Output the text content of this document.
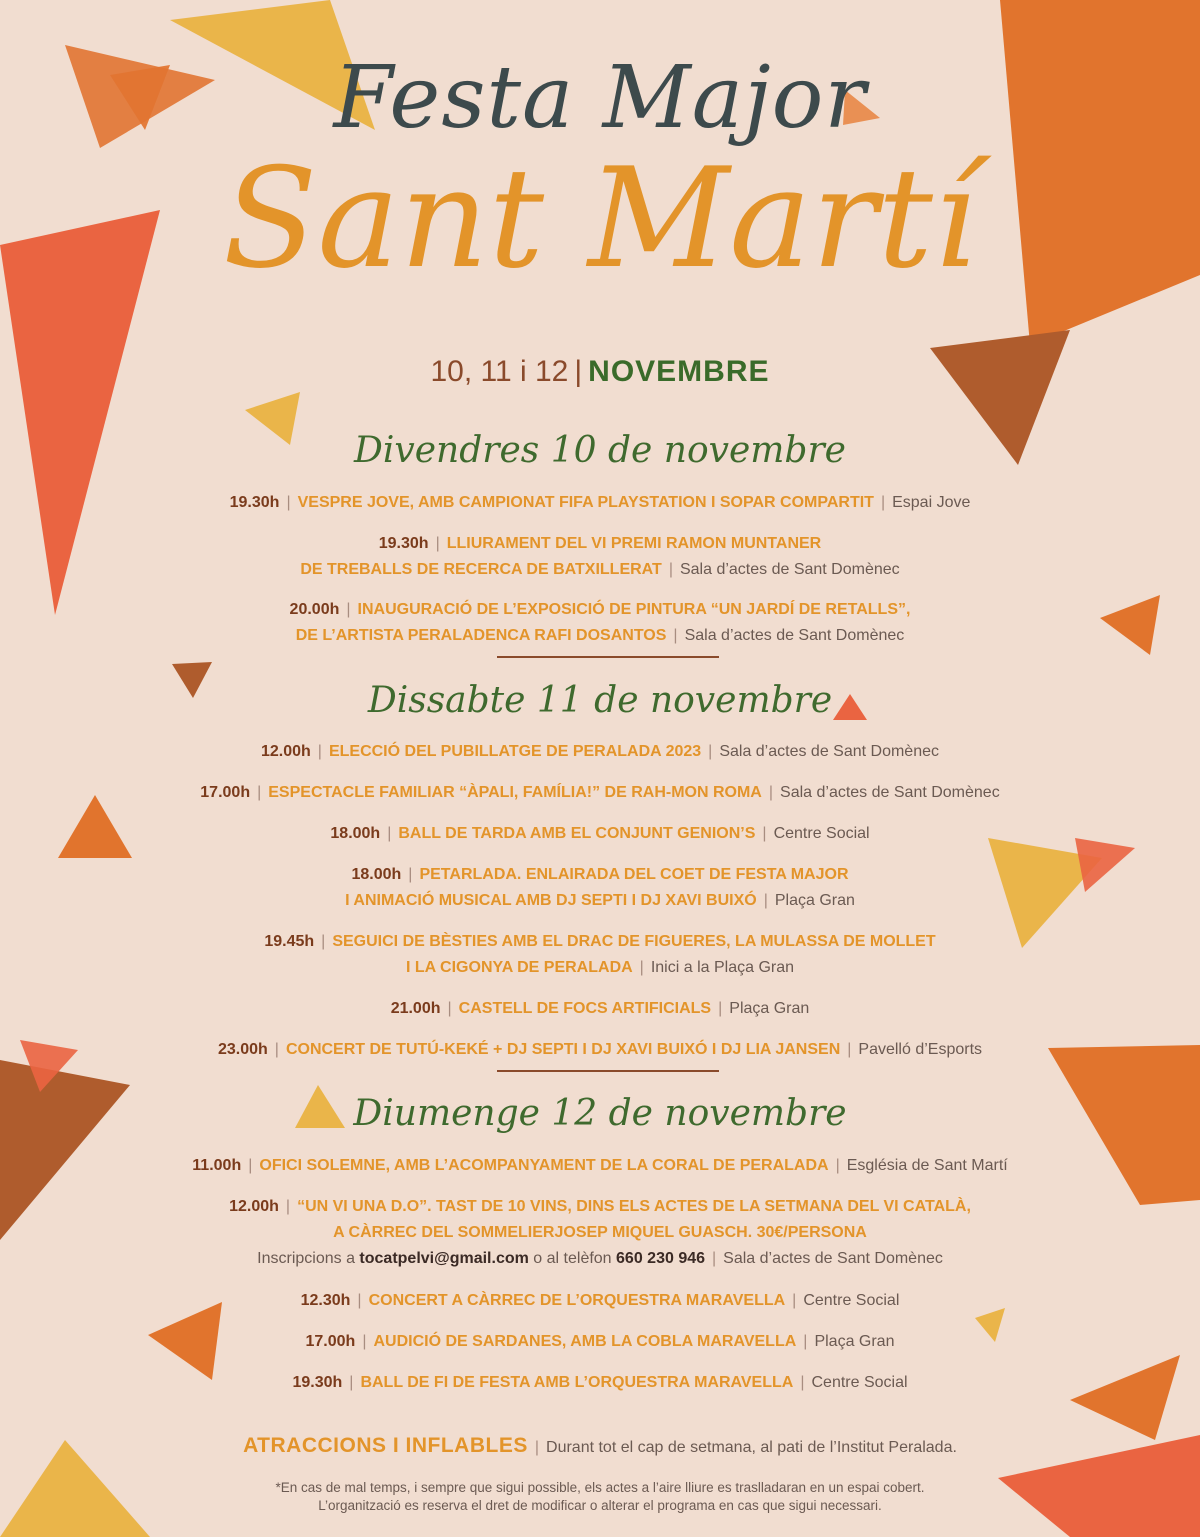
Festa Major
Sant Martí
10, 11 i 12 | NOVEMBRE
Divendres 10 de novembre
19.30h | VESPRE JOVE, AMB CAMPIONAT FIFA PLAYSTATION I SOPAR COMPARTIT | Espai Jove
19.30h | LLIURAMENT DEL VI PREMI RAMON MUNTANER
DE TREBALLS DE RECERCA DE BATXILLERAT | Sala d’actes de Sant Domènec
20.00h | INAUGURACIÓ DE L’EXPOSICIÓ DE PINTURA “UN JARDÍ DE RETALLS”,
DE L’ARTISTA PERALADENCA RAFI DOSANTOS | Sala d’actes de Sant Domènec
Dissabte 11 de novembre
12.00h | ELECCIÓ DEL PUBILLATGE DE PERALADA 2023 | Sala d’actes de Sant Domènec
17.00h | ESPECTACLE FAMILIAR “ÀPALI, FAMÍLIA!” DE RAH-MON ROMA | Sala d’actes de Sant Domènec
18.00h | BALL DE TARDA AMB EL CONJUNT GENION’S | Centre Social
18.00h | PETARLADA. ENLAIRADA DEL COET DE FESTA MAJOR
I ANIMACIÓ MUSICAL AMB DJ SEPTI I DJ XAVI BUIXÓ | Plaça Gran
19.45h | SEGUICI DE BÈSTIES AMB EL DRAC DE FIGUERES, LA MULASSA DE MOLLET
I LA CIGONYA DE PERALADA | Inici a la Plaça Gran
21.00h | CASTELL DE FOCS ARTIFICIALS | Plaça Gran
23.00h | CONCERT DE TUTÚ-KEKÉ + DJ SEPTI I DJ XAVI BUIXÓ I DJ LIA JANSEN | Pavelló d’Esports
Diumenge 12 de novembre
11.00h | OFICI SOLEMNE, AMB L’ACOMPANYAMENT DE LA CORAL DE PERALADA | Església de Sant Martí
12.00h | “UN VI UNA D.O”. TAST DE 10 VINS, DINS ELS ACTES DE LA SETMANA DEL VI CATALÀ,
A CÀRREC DEL SOMMELIERJOSEP MIQUEL GUASCH. 30€/PERSONA
Inscripcions a tocatpelvi@gmail.com o al telèfon 660 230 946 | Sala d’actes de Sant Domènec
12.30h | CONCERT A CÀRREC DE L’ORQUESTRA MARAVELLA | Centre Social
17.00h | AUDICIÓ DE SARDANES, AMB LA COBLA MARAVELLA | Plaça Gran
19.30h | BALL DE FI DE FESTA AMB L’ORQUESTRA MARAVELLA | Centre Social
ATRACCIONS I INFLABLES | Durant tot el cap de setmana, al pati de l’Institut Peralada.
*En cas de mal temps, i sempre que sigui possible, els actes a l’aire lliure es traslladaran en un espai cobert.
L’organització es reserva el dret de modificar o alterar el programa en cas que sigui necessari.
